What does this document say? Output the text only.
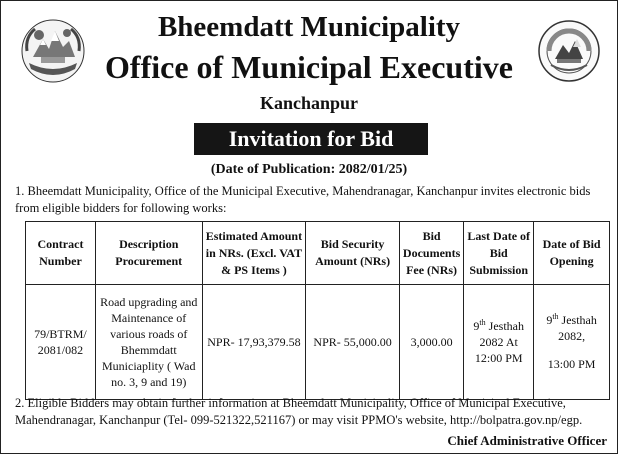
Bheemdatt Municipality
Office of Municipal Executive
Kanchanpur
Invitation for Bid
(Date of Publication: 2082/01/25)

1. Bheemdatt Municipality, Office of the Municipal Executive, Mahendranagar, Kanchanpur invites electronic bids from eligible bidders for following works:

Contract Number	Description Procurement	Estimated Amount in NRs. (Excl. VAT & PS Items )	Bid Security Amount (NRs)	Bid Documents Fee (NRs)	Last Date of Bid Submission	Date of Bid Opening
79/BTRM/ 2081/082	Road upgrading and Maintenance of various roads of Bhemmdatt Municiaplity ( Wad no. 3, 9 and 19)	NPR- 17,93,379.58	NPR- 55,000.00	3,000.00	9th Jesthah 2082 At 12:00 PM	9th Jesthah 2082,
13:00 PM

2. Eligible Bidders may obtain further information at Bheemdatt Municipality, Office of Municipal Executive, Mahendranagar, Kanchanpur (Tel- 099-521322,521167) or may visit PPMO's website, http://bolpatra.gov.np/egp.

Chief Administrative Officer
